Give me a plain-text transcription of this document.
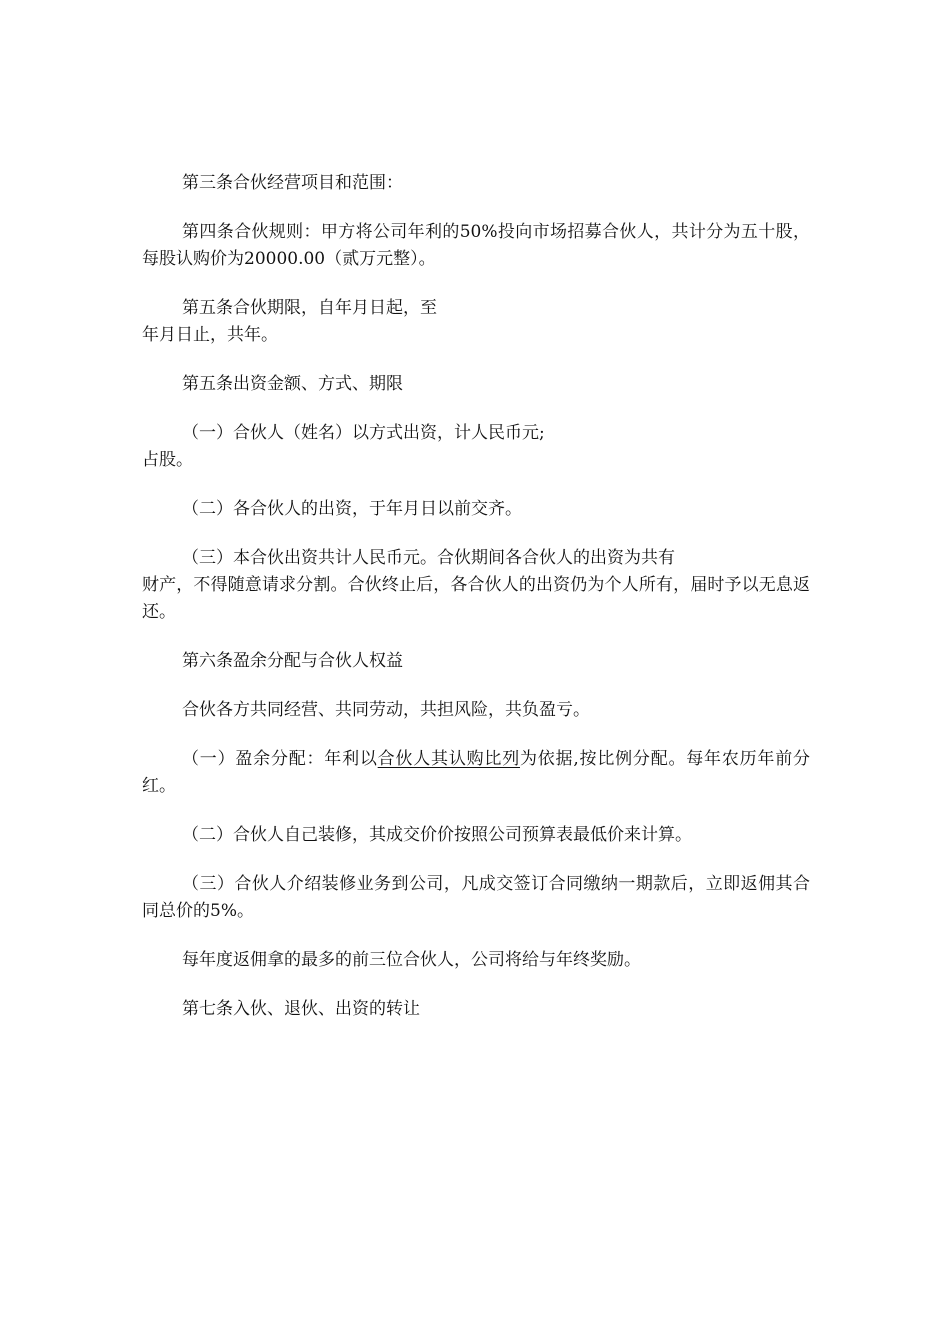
第三条合伙经营项目和范围：

第四条合伙规则：甲方将公司年利的50%投向市场招募合伙人，共计分为五十股，每股认购价为20000.00（贰万元整）。

第五条合伙期限，自年月日起，至
年月日止，共年。

第五条出资金额、方式、期限

（一）合伙人（姓名）以方式出资，计人民币元;
占股。

（二）各合伙人的出资，于年月日以前交齐。

（三）本合伙出资共计人民币元。合伙期间各合伙人的出资为共有
财产，不得随意请求分割。合伙终止后，各合伙人的出资仍为个人所有，届时予以无息返还。

第六条盈余分配与合伙人权益

合伙各方共同经营、共同劳动，共担风险，共负盈亏。

（一）盈余分配：年利以合伙人其认购比列为依据,按比例分配。每年农历年前分红。

（二）合伙人自己装修，其成交价价按照公司预算表最低价来计算。

（三）合伙人介绍装修业务到公司，凡成交签订合同缴纳一期款后，立即返佣其合同总价的5%。

每年度返佣拿的最多的前三位合伙人，公司将给与年终奖励。

第七条入伙、退伙、出资的转让
